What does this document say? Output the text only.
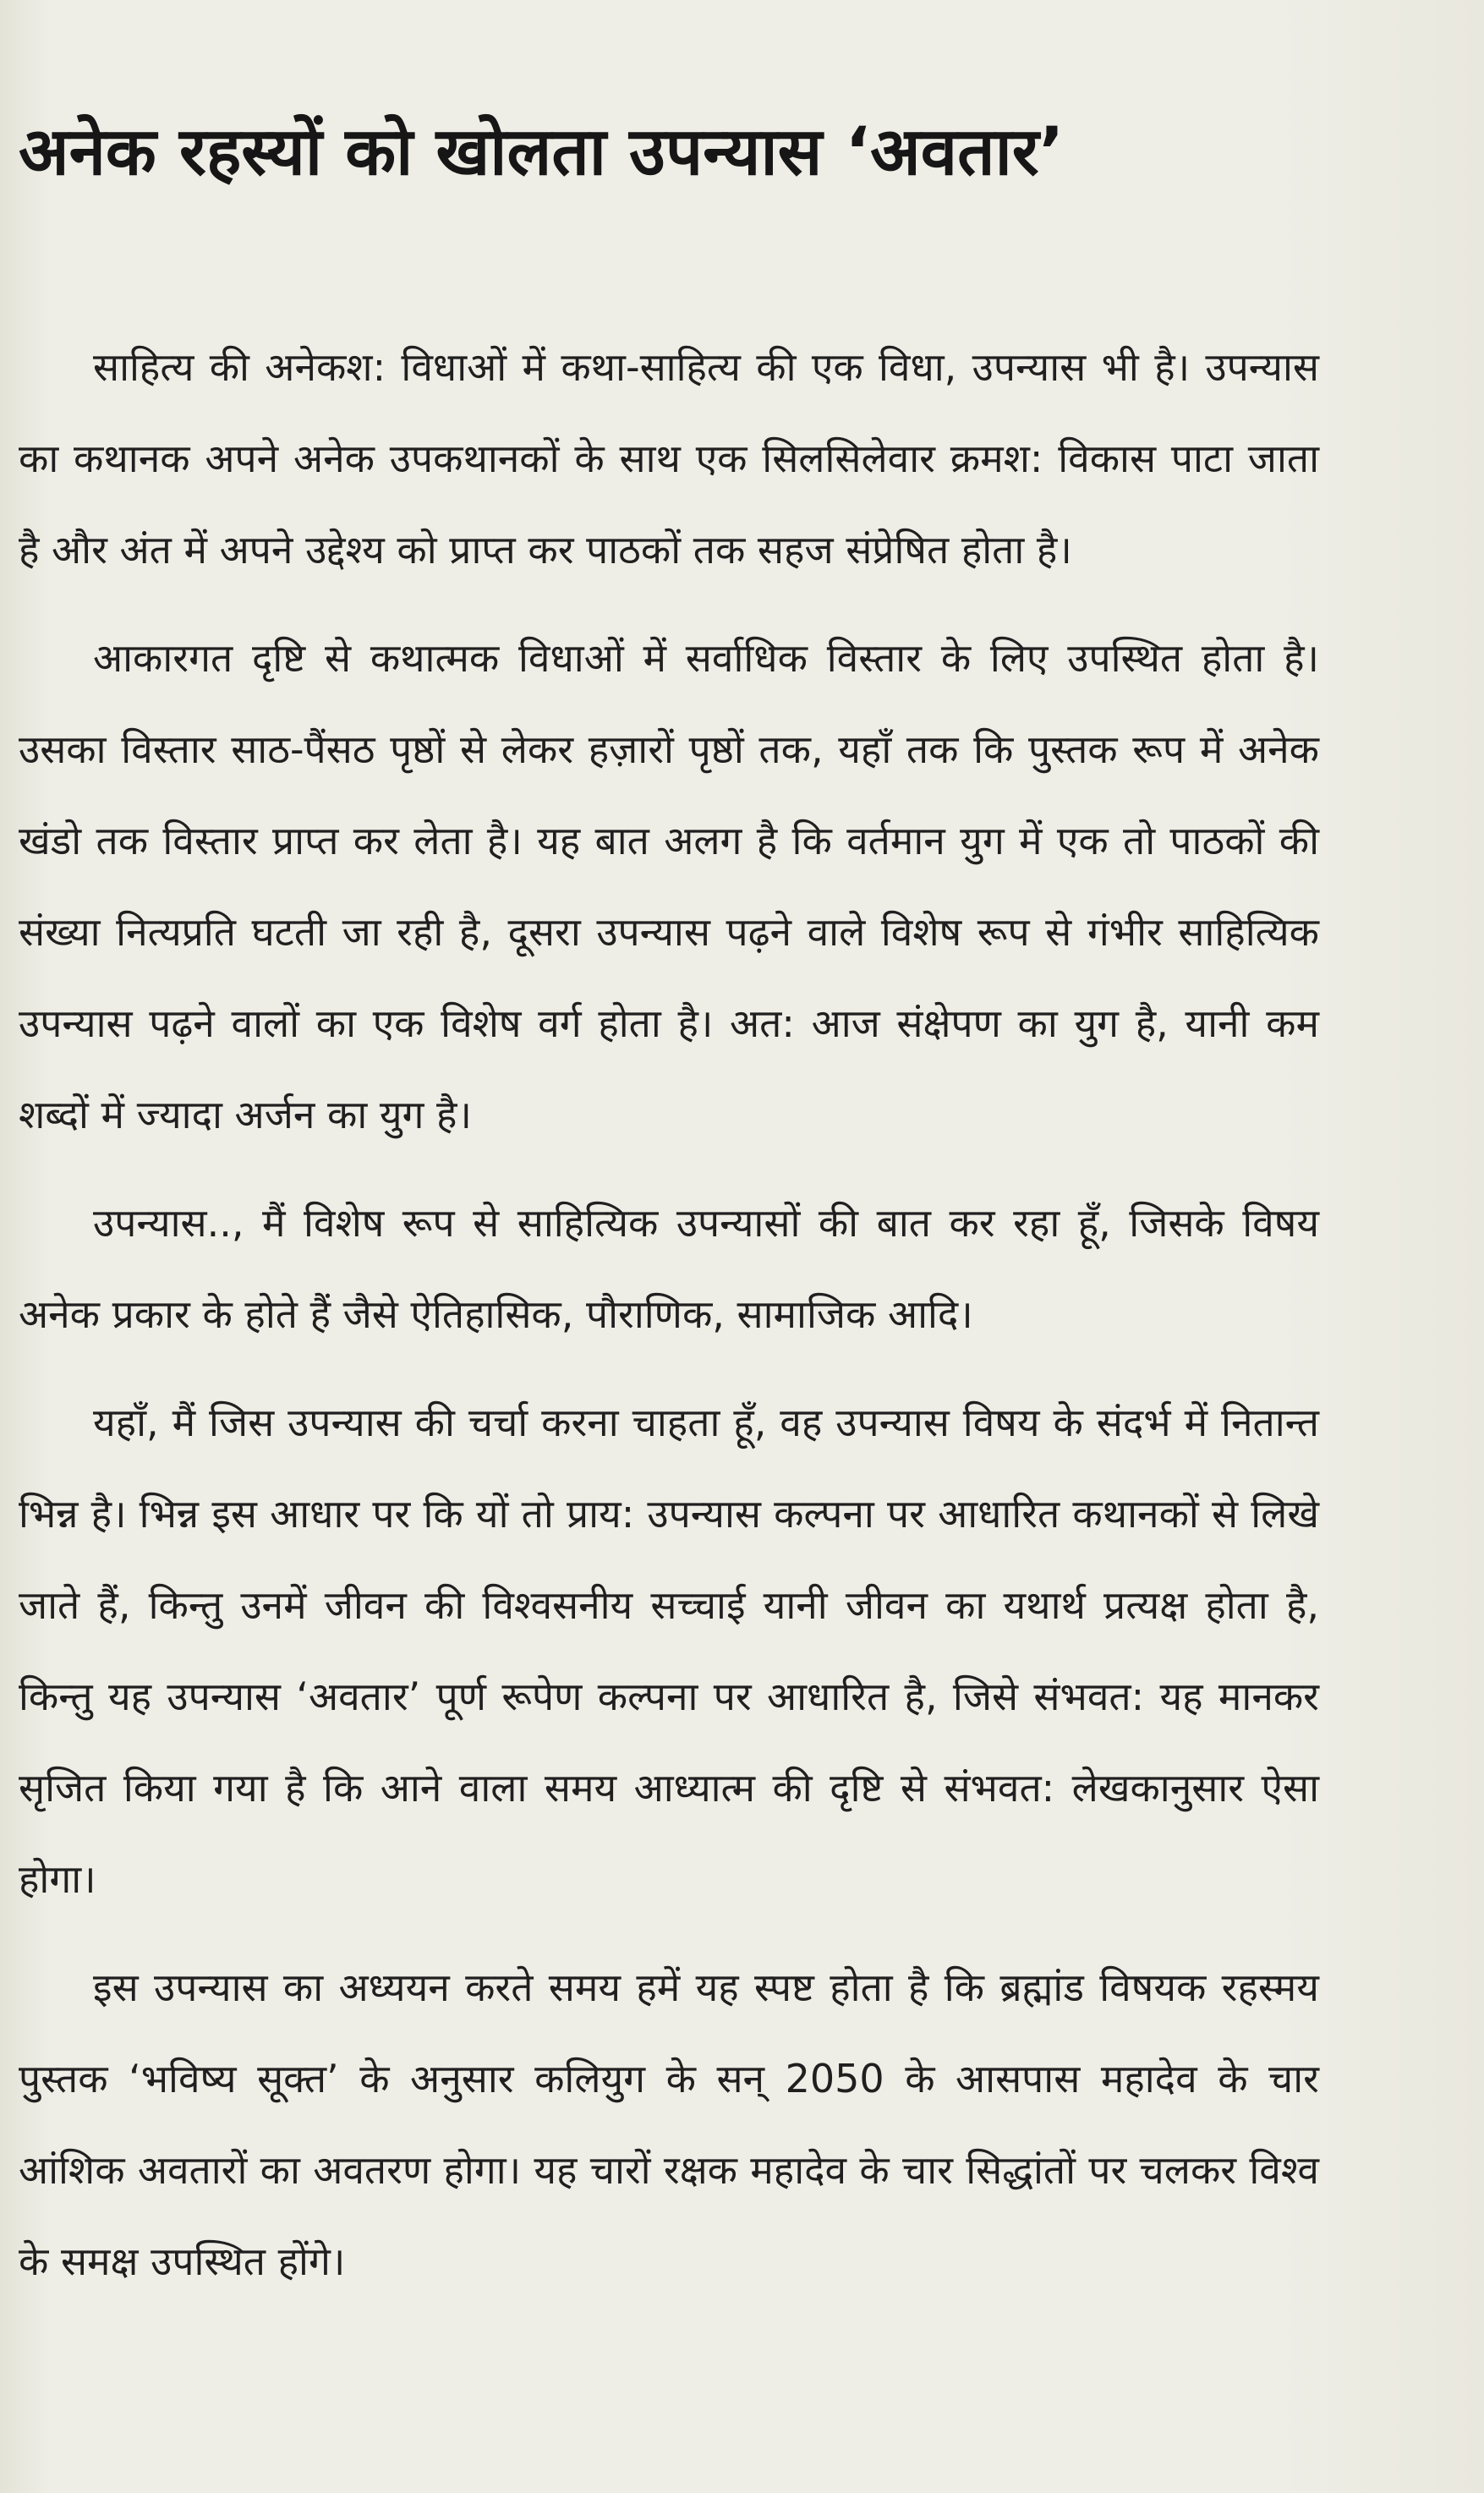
अनेक रहस्यों को खोलता उपन्यास ‘अवतार’

साहित्य की अनेकश: विधाओं में कथा-साहित्य की एक विधा, उपन्यास भी है। उपन्यास का कथानक अपने अनेक उपकथानकों के साथ एक सिलसिलेवार क्रमश: विकास पाटा जाता है और अंत में अपने उद्देश्य को प्राप्त कर पाठकों तक सहज संप्रेषित होता है।

आकारगत दृष्टि से कथात्मक विधाओं में सर्वाधिक विस्तार के लिए उपस्थित होता है। उसका विस्तार साठ-पैंसठ पृष्ठों से लेकर हज़ारों पृष्ठों तक, यहाँ तक कि पुस्तक रूप में अनेक खंडो तक विस्तार प्राप्त कर लेता है। यह बात अलग है कि वर्तमान युग में एक तो पाठकों की संख्या नित्यप्रति घटती जा रही है, दूसरा उपन्यास पढ़ने वाले विशेष रूप से गंभीर साहित्यिक उपन्यास पढ़ने वालों का एक विशेष वर्ग होता है। अत: आज संक्षेपण का युग है, यानी कम शब्दों में ज्यादा अर्जन का युग है।

उपन्यास.., मैं विशेष रूप से साहित्यिक उपन्यासों की बात कर रहा हूँ, जिसके विषय अनेक प्रकार के होते हैं जैसे ऐतिहासिक, पौराणिक, सामाजिक आदि।

यहाँ, मैं जिस उपन्यास की चर्चा करना चाहता हूँ, वह उपन्यास विषय के संदर्भ में नितान्त भिन्न है। भिन्न इस आधार पर कि यों तो प्राय: उपन्यास कल्पना पर आधारित कथानकों से लिखे जाते हैं, किन्तु उनमें जीवन की विश्वसनीय सच्चाई यानी जीवन का यथार्थ प्रत्यक्ष होता है, किन्तु यह उपन्यास ‘अवतार’ पूर्ण रूपेण कल्पना पर आधारित है, जिसे संभवत: यह मानकर सृजित किया गया है कि आने वाला समय आध्यात्म की दृष्टि से संभवत: लेखकानुसार ऐसा होगा।

इस उपन्यास का अध्ययन करते समय हमें यह स्पष्ट होता है कि ब्रह्मांड विषयक रहस्मय पुस्तक ‘भविष्य सूक्त’ के अनुसार कलियुग के सन् 2050 के आसपास महादेव के चार आंशिक अवतारों का अवतरण होगा। यह चारों रक्षक महादेव के चार सिद्धांतों पर चलकर विश्व के समक्ष उपस्थित होंगे।
